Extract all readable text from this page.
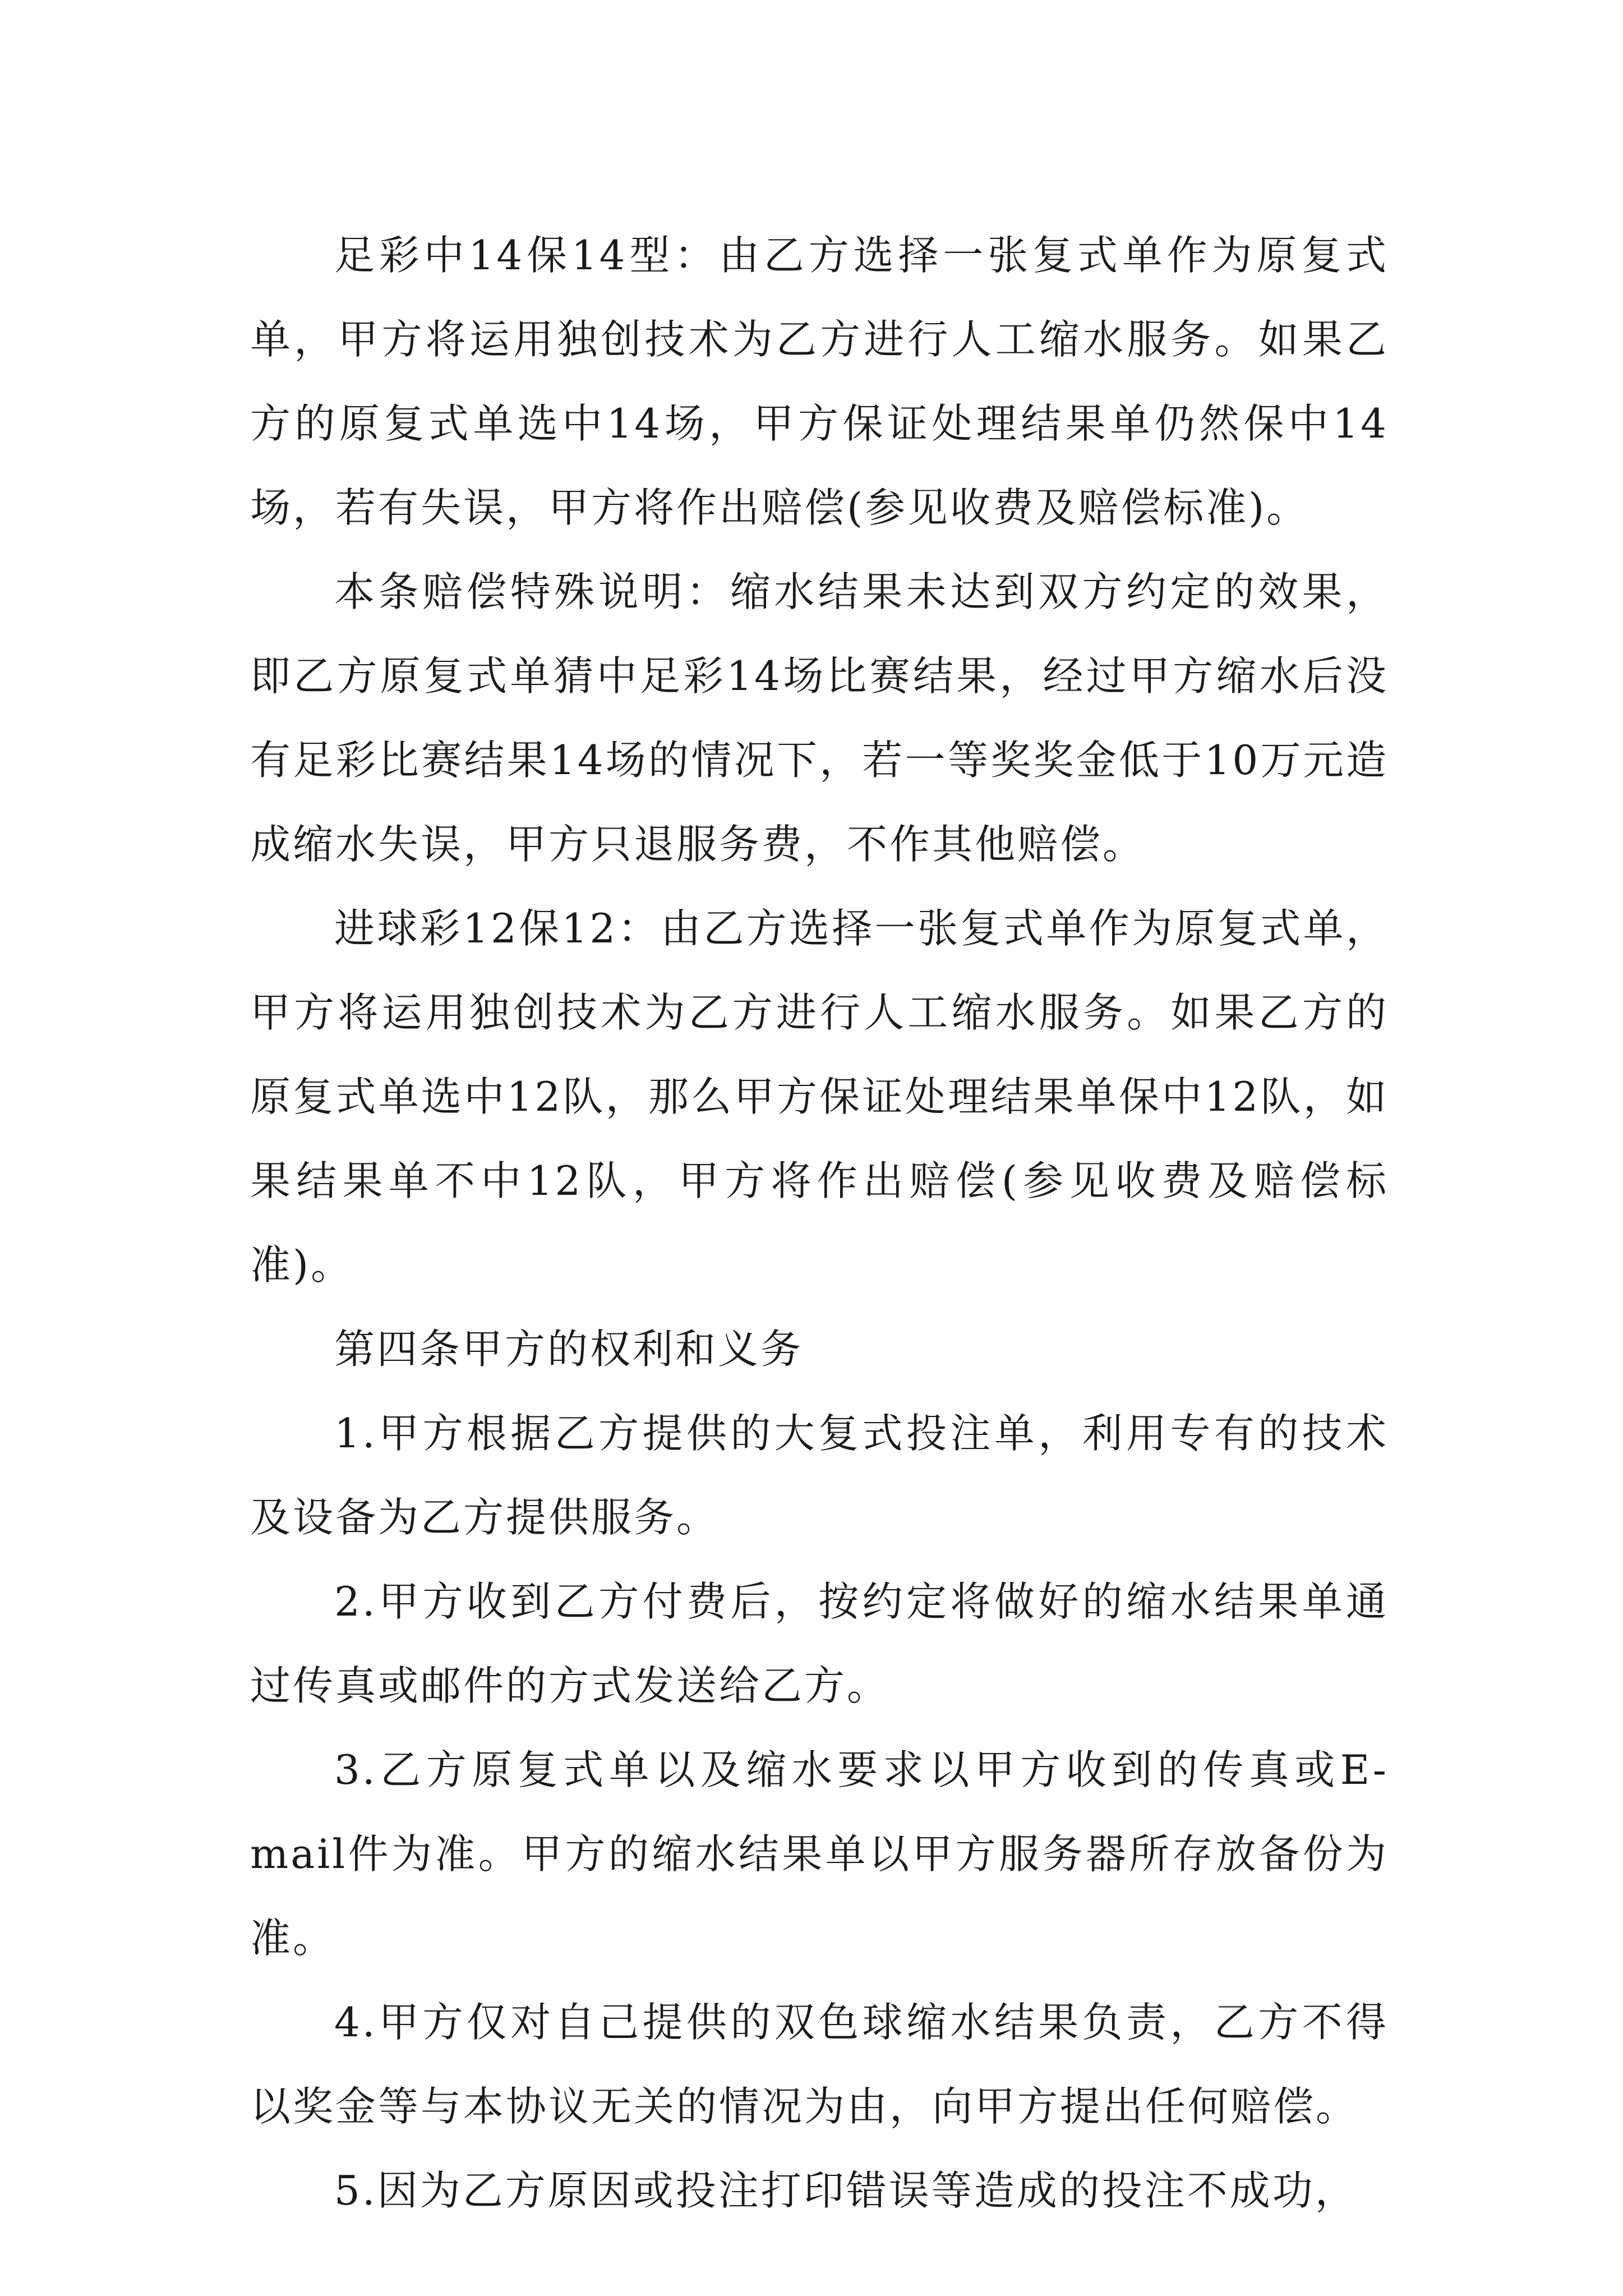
足彩中14保14型：由乙方选择一张复式单作为原复式单，甲方将运用独创技术为乙方进行人工缩水服务。如果乙方的原复式单选中14场，甲方保证处理结果单仍然保中14场，若有失误，甲方将作出赔偿(参见收费及赔偿标准)。

本条赔偿特殊说明：缩水结果未达到双方约定的效果，即乙方原复式单猜中足彩14场比赛结果，经过甲方缩水后没有足彩比赛结果14场的情况下，若一等奖奖金低于10万元造成缩水失误，甲方只退服务费，不作其他赔偿。

进球彩12保12：由乙方选择一张复式单作为原复式单，甲方将运用独创技术为乙方进行人工缩水服务。如果乙方的原复式单选中12队，那么甲方保证处理结果单保中12队，如果结果单不中12队，甲方将作出赔偿(参见收费及赔偿标准)。

第四条甲方的权利和义务

1.甲方根据乙方提供的大复式投注单，利用专有的技术及设备为乙方提供服务。

2.甲方收到乙方付费后，按约定将做好的缩水结果单通过传真或邮件的方式发送给乙方。

3.乙方原复式单以及缩水要求以甲方收到的传真或E-mail件为准。甲方的缩水结果单以甲方服务器所存放备份为准。

4.甲方仅对自己提供的双色球缩水结果负责，乙方不得以奖金等与本协议无关的情况为由，向甲方提出任何赔偿。

5.因为乙方原因或投注打印错误等造成的投注不成功，
